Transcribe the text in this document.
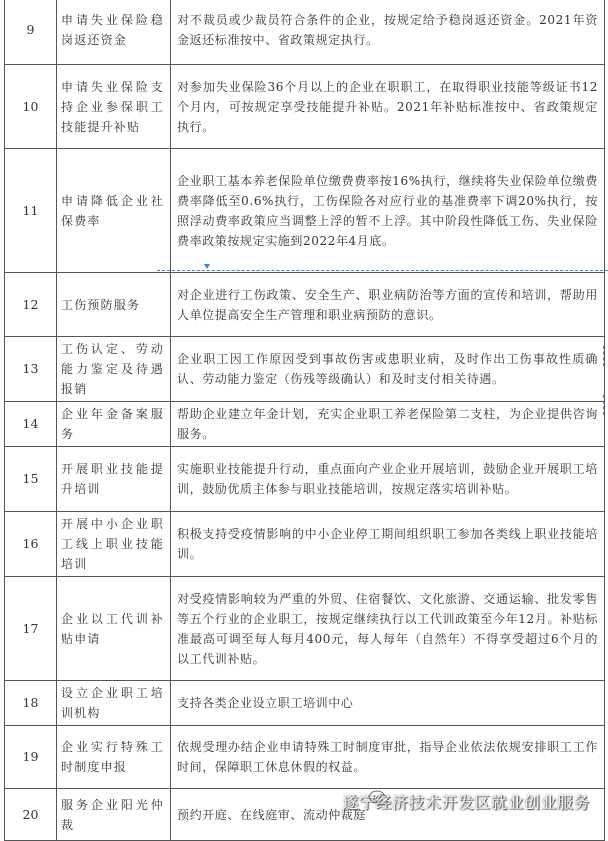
9	申请失业保险稳岗返还资金	对不裁员或少裁员符合条件的企业，按规定给予稳岗返还资金。2021年资金返还标准按中、省政策规定执行。
10	申请失业保险支持企业参保职工技能提升补贴	对参加失业保险36个月以上的企业在职职工，在取得职业技能等级证书12个月内，可按规定享受技能提升补贴。2021年补贴标准按中、省政策规定执行。
11	申请降低企业社保费率	企业职工基本养老保险单位缴费费率按16%执行，继续将失业保险单位缴费费率降低至0.6%执行，工伤保险各对应行业的基准费率下调20%执行，按照浮动费率政策应当调整上浮的暂不上浮。其中阶段性降低工伤、失业保险费率政策按规定实施到2022年4月底。
12	工伤预防服务	对企业进行工伤政策、安全生产、职业病防治等方面的宣传和培训，帮助用人单位提高安全生产管理和职业病预防的意识。
13	工伤认定、劳动能力鉴定及待遇报销	企业职工因工作原因受到事故伤害或患职业病，及时作出工伤事故性质确认、劳动能力鉴定（伤残等级确认）和及时支付相关待遇。
14	企业年金备案服务	帮助企业建立年金计划，充实企业职工养老保险第二支柱，为企业提供咨询服务。
15	开展职业技能提升培训	实施职业技能提升行动，重点面向产业企业开展培训，鼓励企业开展职工培训，鼓励优质主体参与职业技能培训，按规定落实培训补贴。
16	开展中小企业职工线上职业技能培训	积极支持受疫情影响的中小企业停工期间组织职工参加各类线上职业技能培训。
17	企业以工代训补贴申请	对受疫情影响较为严重的外贸、住宿餐饮、文化旅游、交通运输、批发零售等五个行业的企业职工，按规定继续执行以工代训政策至今年12月。补贴标准最高可调至每人每月400元，每人每年（自然年）不得享受超过6个月的以工代训补贴。
18	设立企业职工培训机构	支持各类企业设立职工培训中心
19	企业实行特殊工时制度申报	依规受理办结企业申请特殊工时制度审批，指导企业依法依规安排职工工作时间，保障职工休息休假的权益。
20	服务企业阳光仲裁	预约开庭、在线庭审、流动仲裁庭
遂宁经济技术开发区就业创业服务
